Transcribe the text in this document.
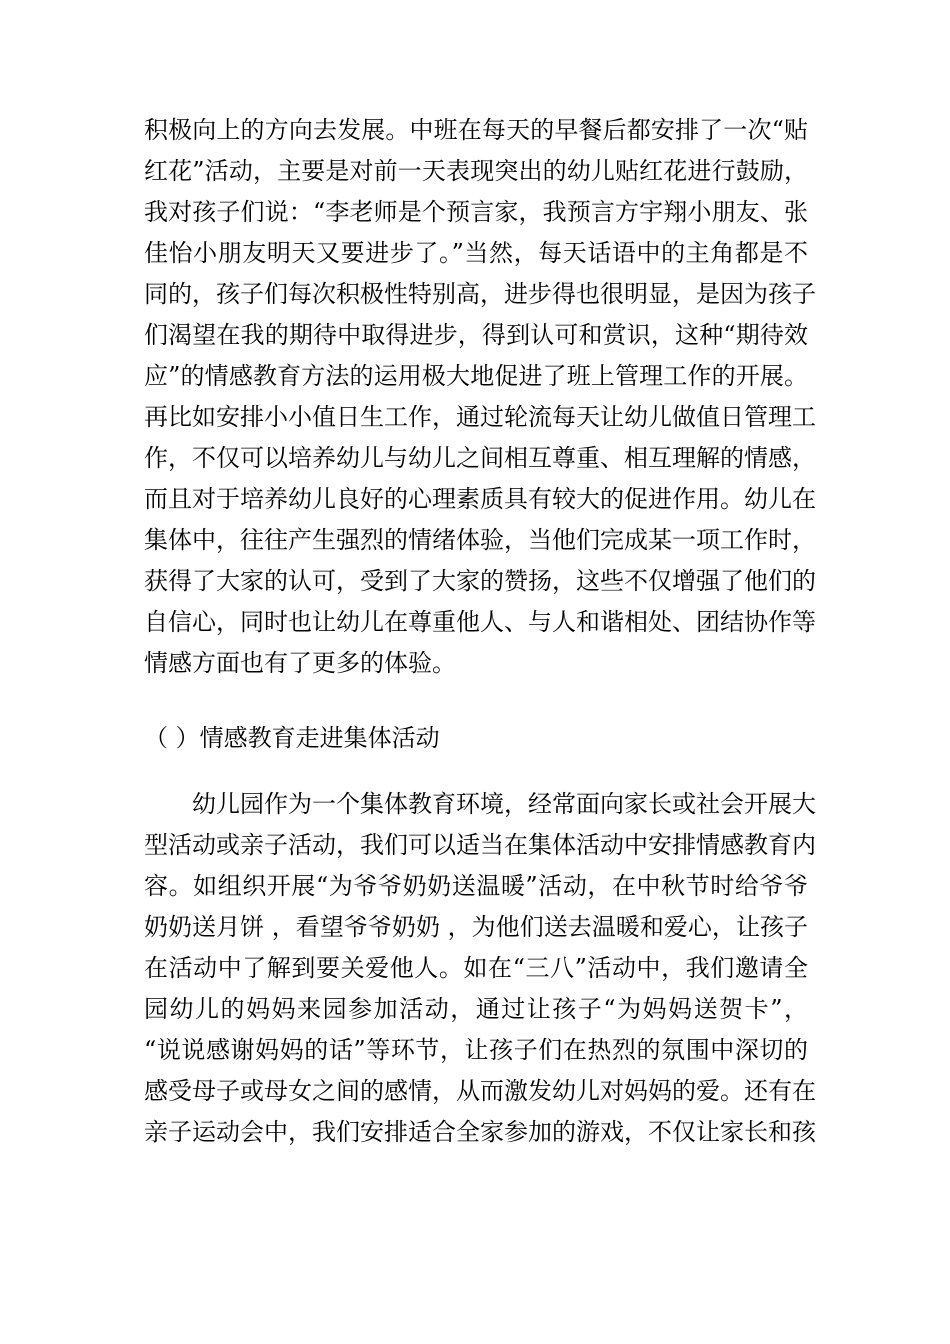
积极向上的方向去发展。中班在每天的早餐后都安排了一次“贴
红花”活动，主要是对前一天表现突出的幼儿贴红花进行鼓励，
我对孩子们说：“李老师是个预言家，我预言方宇翔小朋友、张
佳怡小朋友明天又要进步了。”当然，每天话语中的主角都是不
同的，孩子们每次积极性特别高，进步得也很明显，是因为孩子
们渴望在我的期待中取得进步，得到认可和赏识，这种“期待效
应”的情感教育方法的运用极大地促进了班上管理工作的开展。
再比如安排小小值日生工作，通过轮流每天让幼儿做值日管理工
作，不仅可以培养幼儿与幼儿之间相互尊重、相互理解的情感，
而且对于培养幼儿良好的心理素质具有较大的促进作用。幼儿在
集体中，往往产生强烈的情绪体验，当他们完成某一项工作时，
获得了大家的认可，受到了大家的赞扬，这些不仅增强了他们的
自信心，同时也让幼儿在尊重他人、与人和谐相处、团结协作等
情感方面也有了更多的体验。
（ ）情感教育走进集体活动
　　幼儿园作为一个集体教育环境，经常面向家长或社会开展大
型活动或亲子活动，我们可以适当在集体活动中安排情感教育内
容。如组织开展“为爷爷奶奶送温暖”活动，在中秋节时给爷爷
奶奶送月饼 ，看望爷爷奶奶 ，为他们送去温暖和爱心，让孩子
在活动中了解到要关爱他人。如在“三八”活动中，我们邀请全
园幼儿的妈妈来园参加活动，通过让孩子“为妈妈送贺卡”，
“说说感谢妈妈的话”等环节，让孩子们在热烈的氛围中深切的
感受母子或母女之间的感情，从而激发幼儿对妈妈的爱。还有在
亲子运动会中，我们安排适合全家参加的游戏，不仅让家长和孩
